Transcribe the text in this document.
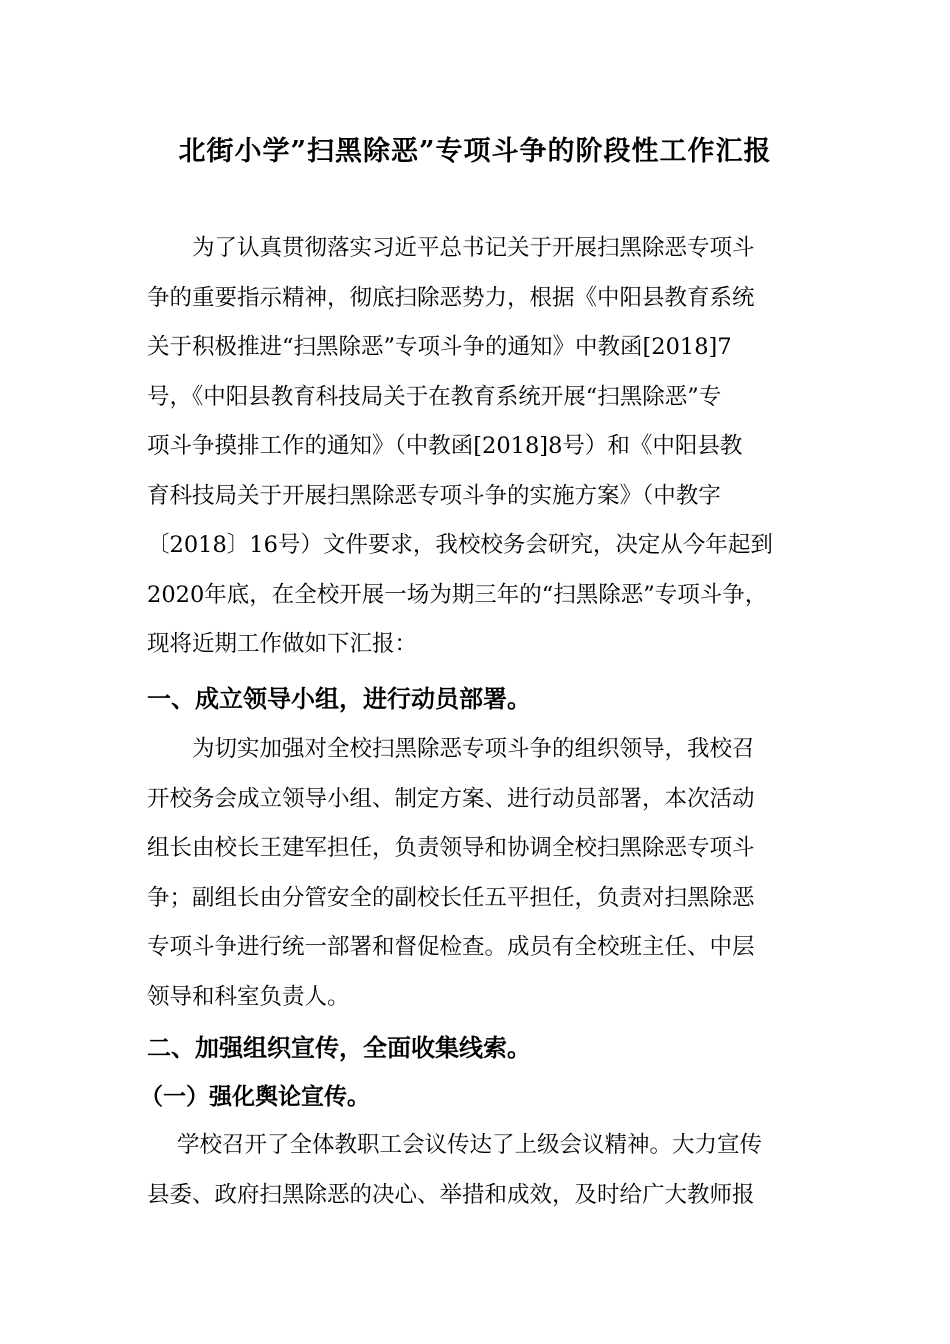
北街小学”扫黑除恶”专项斗争的阶段性工作汇报
为了认真贯彻落实习近平总书记关于开展扫黑除恶专项斗
争的重要指示精神，彻底扫除恶势力，根据《中阳县教育系统
关于积极推进“扫黑除恶”专项斗争的通知》中教函[2018]7
号，《中阳县教育科技局关于在教育系统开展“扫黑除恶”专
项斗争摸排工作的通知》（中教函[2018]8号）和《中阳县教
育科技局关于开展扫黑除恶专项斗争的实施方案》（中教字
〔2018〕16号）文件要求，我校校务会研究，决定从今年起到
2020年底，在全校开展一场为期三年的“扫黑除恶”专项斗争，
现将近期工作做如下汇报：
一、成立领导小组，进行动员部署。
为切实加强对全校扫黑除恶专项斗争的组织领导，我校召
开校务会成立领导小组、制定方案、进行动员部署，本次活动
组长由校长王建军担任，负责领导和协调全校扫黑除恶专项斗
争；副组长由分管安全的副校长任五平担任，负责对扫黑除恶
专项斗争进行统一部署和督促检查。成员有全校班主任、中层
领导和科室负责人。
二、加强组织宣传，全面收集线索。
（一）强化舆论宣传。
学校召开了全体教职工会议传达了上级会议精神。大力宣传
县委、政府扫黑除恶的决心、举措和成效，及时给广大教师报
